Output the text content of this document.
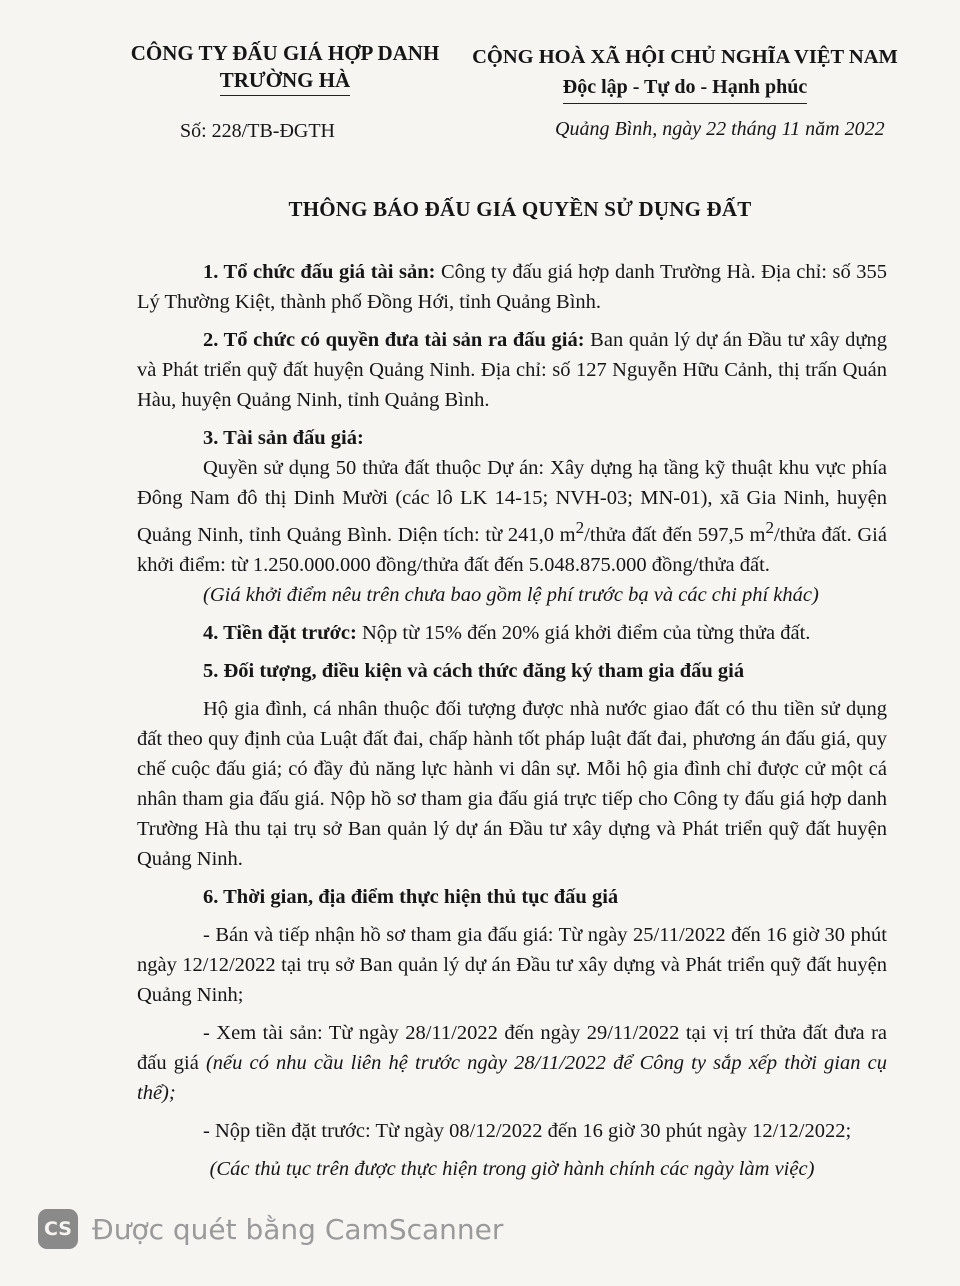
CÔNG TY ĐẤU GIÁ HỢP DANH
TRƯỜNG HÀ
CỘNG HOÀ XÃ HỘI CHỦ NGHĨA VIỆT NAM
Độc lập - Tự do - Hạnh phúc
Số: 228/TB-ĐGTH	Quảng Bình, ngày 22 tháng 11 năm 2022
THÔNG BÁO ĐẤU GIÁ QUYỀN SỬ DỤNG ĐẤT

1. Tổ chức đấu giá tài sản: Công ty đấu giá hợp danh Trường Hà. Địa chỉ: số 355 Lý Thường Kiệt, thành phố Đồng Hới, tỉnh Quảng Bình.

2. Tổ chức có quyền đưa tài sản ra đấu giá: Ban quản lý dự án Đầu tư xây dựng và Phát triển quỹ đất huyện Quảng Ninh. Địa chỉ: số 127 Nguyễn Hữu Cảnh, thị trấn Quán Hàu, huyện Quảng Ninh, tỉnh Quảng Bình.

3. Tài sản đấu giá:

Quyền sử dụng 50 thửa đất thuộc Dự án: Xây dựng hạ tầng kỹ thuật khu vực phía Đông Nam đô thị Dinh Mười (các lô LK 14-15; NVH-03; MN-01), xã Gia Ninh, huyện Quảng Ninh, tỉnh Quảng Bình. Diện tích: từ 241,0 $m^2$/thửa đất đến 597,5 $m^2$/thửa đất. Giá khởi điểm: từ 1.250.000.000 đồng/thửa đất đến 5.048.875.000 đồng/thửa đất.

(Giá khởi điểm nêu trên chưa bao gồm lệ phí trước bạ và các chi phí khác)

4. Tiền đặt trước: Nộp từ 15% đến 20% giá khởi điểm của từng thửa đất.

5. Đối tượng, điều kiện và cách thức đăng ký tham gia đấu giá

Hộ gia đình, cá nhân thuộc đối tượng được nhà nước giao đất có thu tiền sử dụng đất theo quy định của Luật đất đai, chấp hành tốt pháp luật đất đai, phương án đấu giá, quy chế cuộc đấu giá; có đầy đủ năng lực hành vi dân sự. Mỗi hộ gia đình chỉ được cử một cá nhân tham gia đấu giá. Nộp hồ sơ tham gia đấu giá trực tiếp cho Công ty đấu giá hợp danh Trường Hà thu tại trụ sở Ban quản lý dự án Đầu tư xây dựng và Phát triển quỹ đất huyện Quảng Ninh.

6. Thời gian, địa điểm thực hiện thủ tục đấu giá

- Bán và tiếp nhận hồ sơ tham gia đấu giá: Từ ngày 25/11/2022 đến 16 giờ 30 phút ngày 12/12/2022 tại trụ sở Ban quản lý dự án Đầu tư xây dựng và Phát triển quỹ đất huyện Quảng Ninh;

- Xem tài sản: Từ ngày 28/11/2022 đến ngày 29/11/2022 tại vị trí thửa đất đưa ra đấu giá (nếu có nhu cầu liên hệ trước ngày 28/11/2022 để Công ty sắp xếp thời gian cụ thể);

- Nộp tiền đặt trước: Từ ngày 08/12/2022 đến 16 giờ 30 phút ngày 12/12/2022;

(Các thủ tục trên được thực hiện trong giờ hành chính các ngày làm việc)

CS Được quét bằng CamScanner
